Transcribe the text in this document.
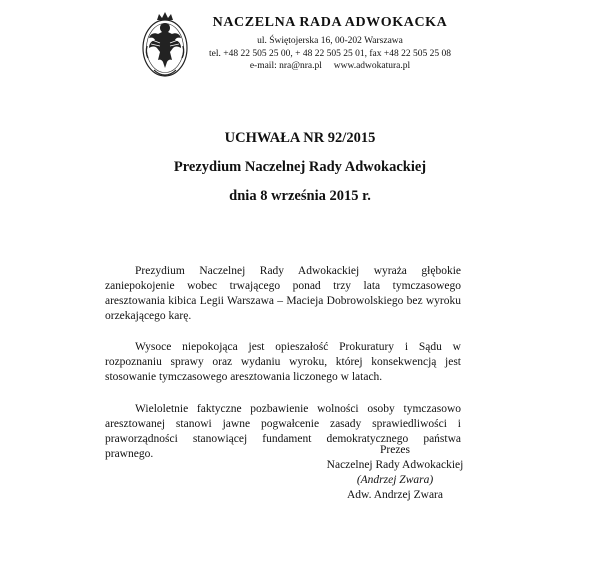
NACZELNA RADA ADWOKACKA
ul. Świętojerska 16, 00-202 Warszawa
tel. +48 22 505 25 00, + 48 22 505 25 01, fax +48 22 505 25 08
e-mail: nra@nra.pl     www.adwokatura.pl
UCHWAŁA NR 92/2015
Prezydium Naczelnej Rady Adwokackiej
dnia 8 września 2015 r.

Prezydium Naczelnej Rady Adwokackiej wyraża głębokie zaniepokojenie wobec trwającego ponad trzy lata tymczasowego aresztowania kibica Legii Warszawa – Macieja Dobrowolskiego bez wyroku orzekającego karę.

Wysoce niepokojąca jest opieszałość Prokuratury i Sądu w rozpoznaniu sprawy oraz wydaniu wyroku, której konsekwencją jest stosowanie tymczasowego aresztowania liczonego w latach.

Wieloletnie faktyczne pozbawienie wolności osoby tymczasowo aresztowanej stanowi jawne pogwałcenie zasady sprawiedliwości i praworządności stanowiącej fundament demokratycznego państwa prawnego.	Prezes
Naczelnej Rady Adwokackiej
(Andrzej Zwara)
Adw. Andrzej Zwara
